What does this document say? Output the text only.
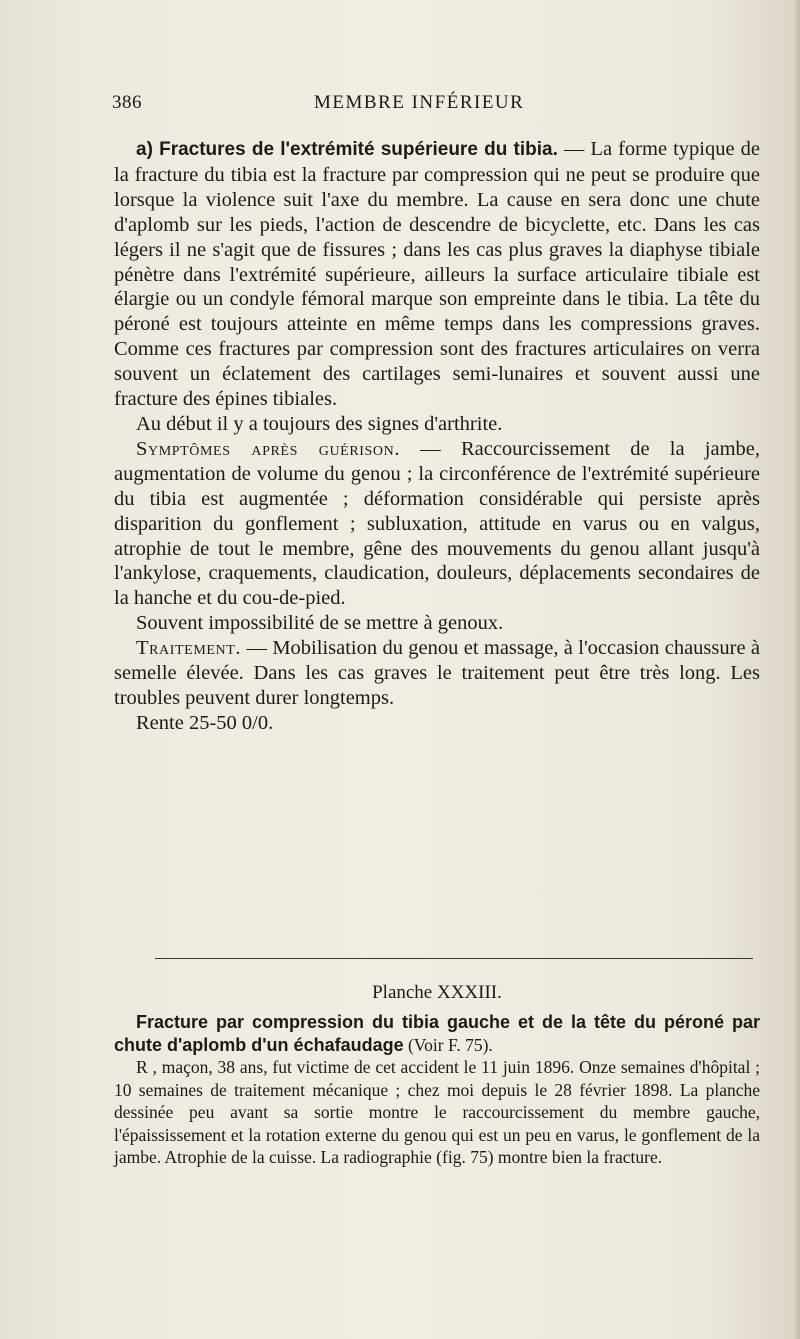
386	MEMBRE INFÉRIEUR

a) Fractures de l'extrémité supérieure du tibia. — La forme typique de la fracture du tibia est la fracture par compression qui ne peut se produire que lorsque la violence suit l'axe du membre. La cause en sera donc une chute d'aplomb sur les pieds, l'action de descendre de bicyclette, etc. Dans les cas légers il ne s'agit que de fissures ; dans les cas plus graves la diaphyse tibiale pénètre dans l'extrémité supérieure, ailleurs la surface articulaire tibiale est élargie ou un condyle fémoral marque son empreinte dans le tibia. La tête du péroné est toujours atteinte en même temps dans les compressions graves. Comme ces fractures par compression sont des fractures articulaires on verra souvent un éclatement des cartilages semi-lunaires et souvent aussi une fracture des épines tibiales.

Au début il y a toujours des signes d'arthrite.

Symptômes après guérison. — Raccourcissement de la jambe, augmentation de volume du genou ; la circonférence de l'extrémité supérieure du tibia est augmentée ; déformation considérable qui persiste après disparition du gonflement ; subluxation, attitude en varus ou en valgus, atrophie de tout le membre, gêne des mouvements du genou allant jusqu'à l'ankylose, craquements, claudication, douleurs, déplacements secondaires de la hanche et du cou-de-pied.

Souvent impossibilité de se mettre à genoux.

Traitement. — Mobilisation du genou et massage, à l'occasion chaussure à semelle élevée. Dans les cas graves le traitement peut être très long. Les troubles peuvent durer longtemps.

Rente 25-50 0/0.

Planche XXXIII.

Fracture par compression du tibia gauche et de la tête du péroné par chute d'aplomb d'un échafaudage (Voir F. 75).

R , maçon, 38 ans, fut victime de cet accident le 11 juin 1896. Onze semaines d'hôpital ; 10 semaines de traitement mécanique ; chez moi depuis le 28 février 1898. La planche dessinée peu avant sa sortie montre le raccourcissement du membre gauche, l'épaississement et la rotation externe du genou qui est un peu en varus, le gonflement de la jambe. Atrophie de la cuisse. La radiographie (fig. 75) montre bien la fracture.
